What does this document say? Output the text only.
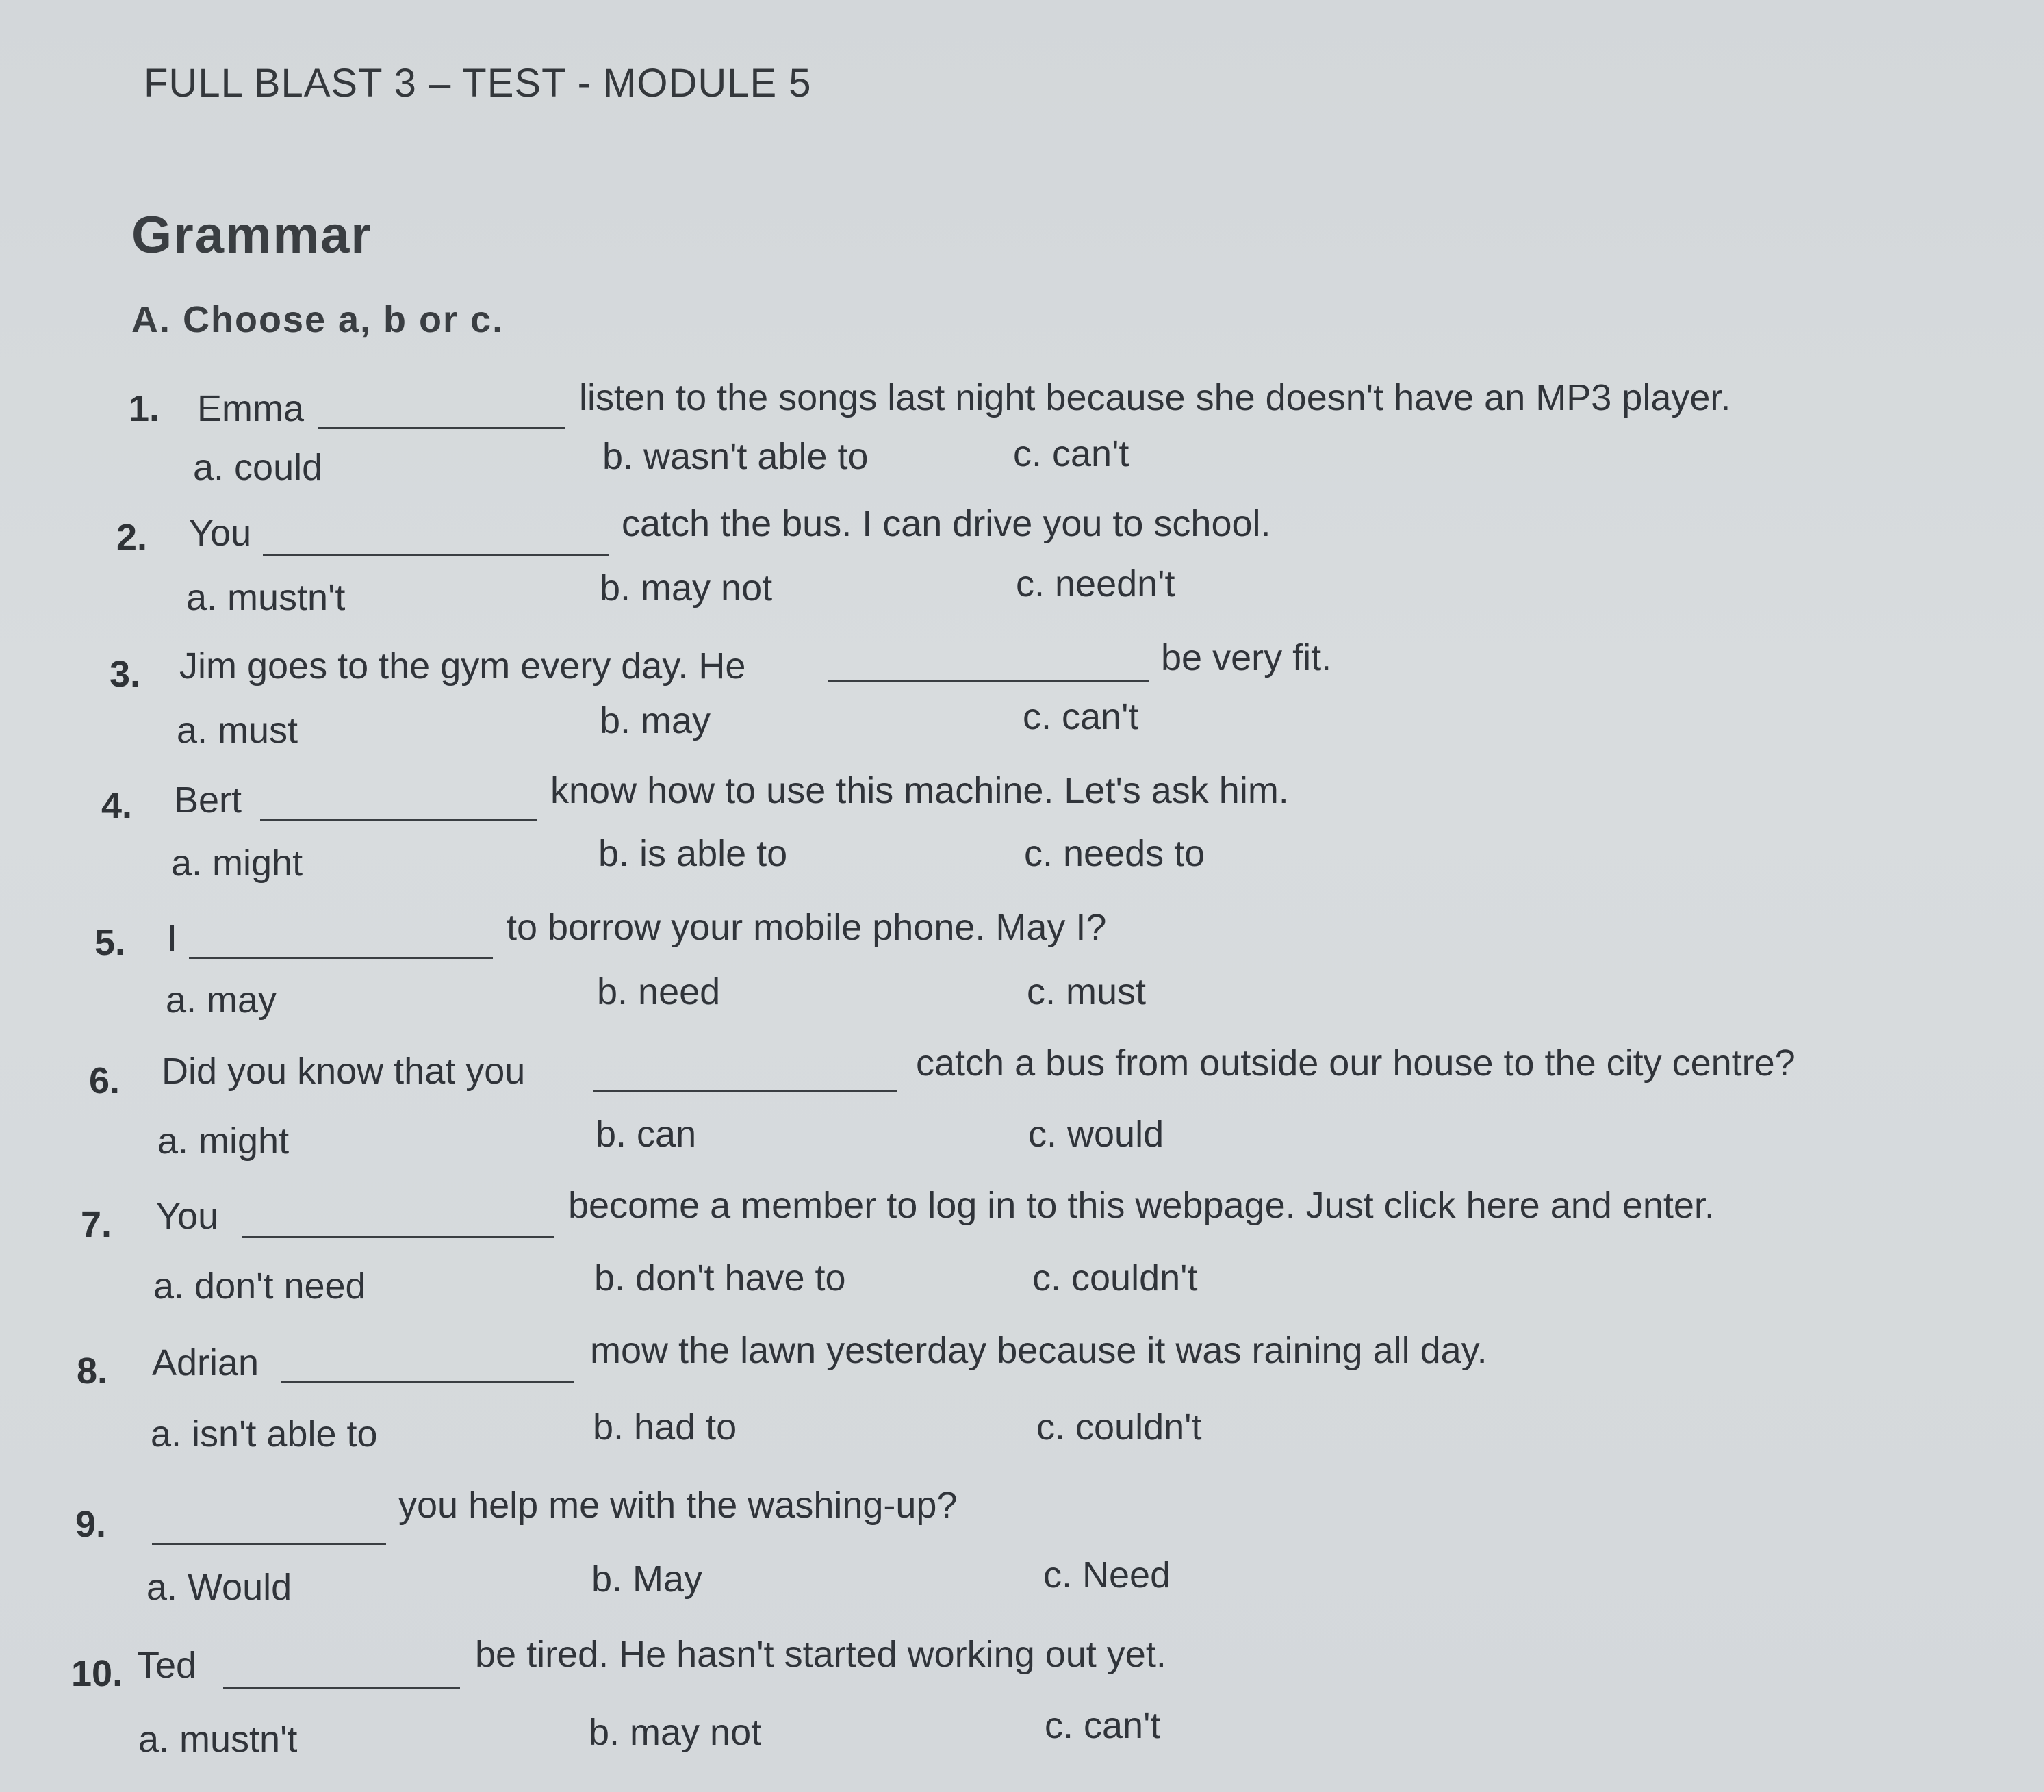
FULL BLAST 3 – TEST - MODULE 5
Grammar
A. Choose a, b or c.
1. Emma	listen to the songs last night because she doesn't have an MP3 player.
a. could	b. wasn't able to	c. can't
2. You	catch the bus. I can drive you to school.
a. mustn't	b. may not	c. needn't
3. Jim goes to the gym every day. He	be very fit.
a. must	b. may	c. can't
4. Bert	know how to use this machine. Let's ask him.
a. might	b. is able to	c. needs to
5. I	to borrow your mobile phone. May I?
a. may	b. need	c. must
6. Did you know that you	catch a bus from outside our house to the city centre?
a. might	b. can	c. would
7. You	become a member to log in to this webpage. Just click here and enter.
a. don't need	b. don't have to	c. couldn't
8. Adrian	mow the lawn yesterday because it was raining all day.
a. isn't able to	b. had to	c. couldn't
9.	you help me with the washing-up?
a. Would	b. May	c. Need
10. Ted	be tired. He hasn't started working out yet.
a. mustn't	b. may not	c. can't
